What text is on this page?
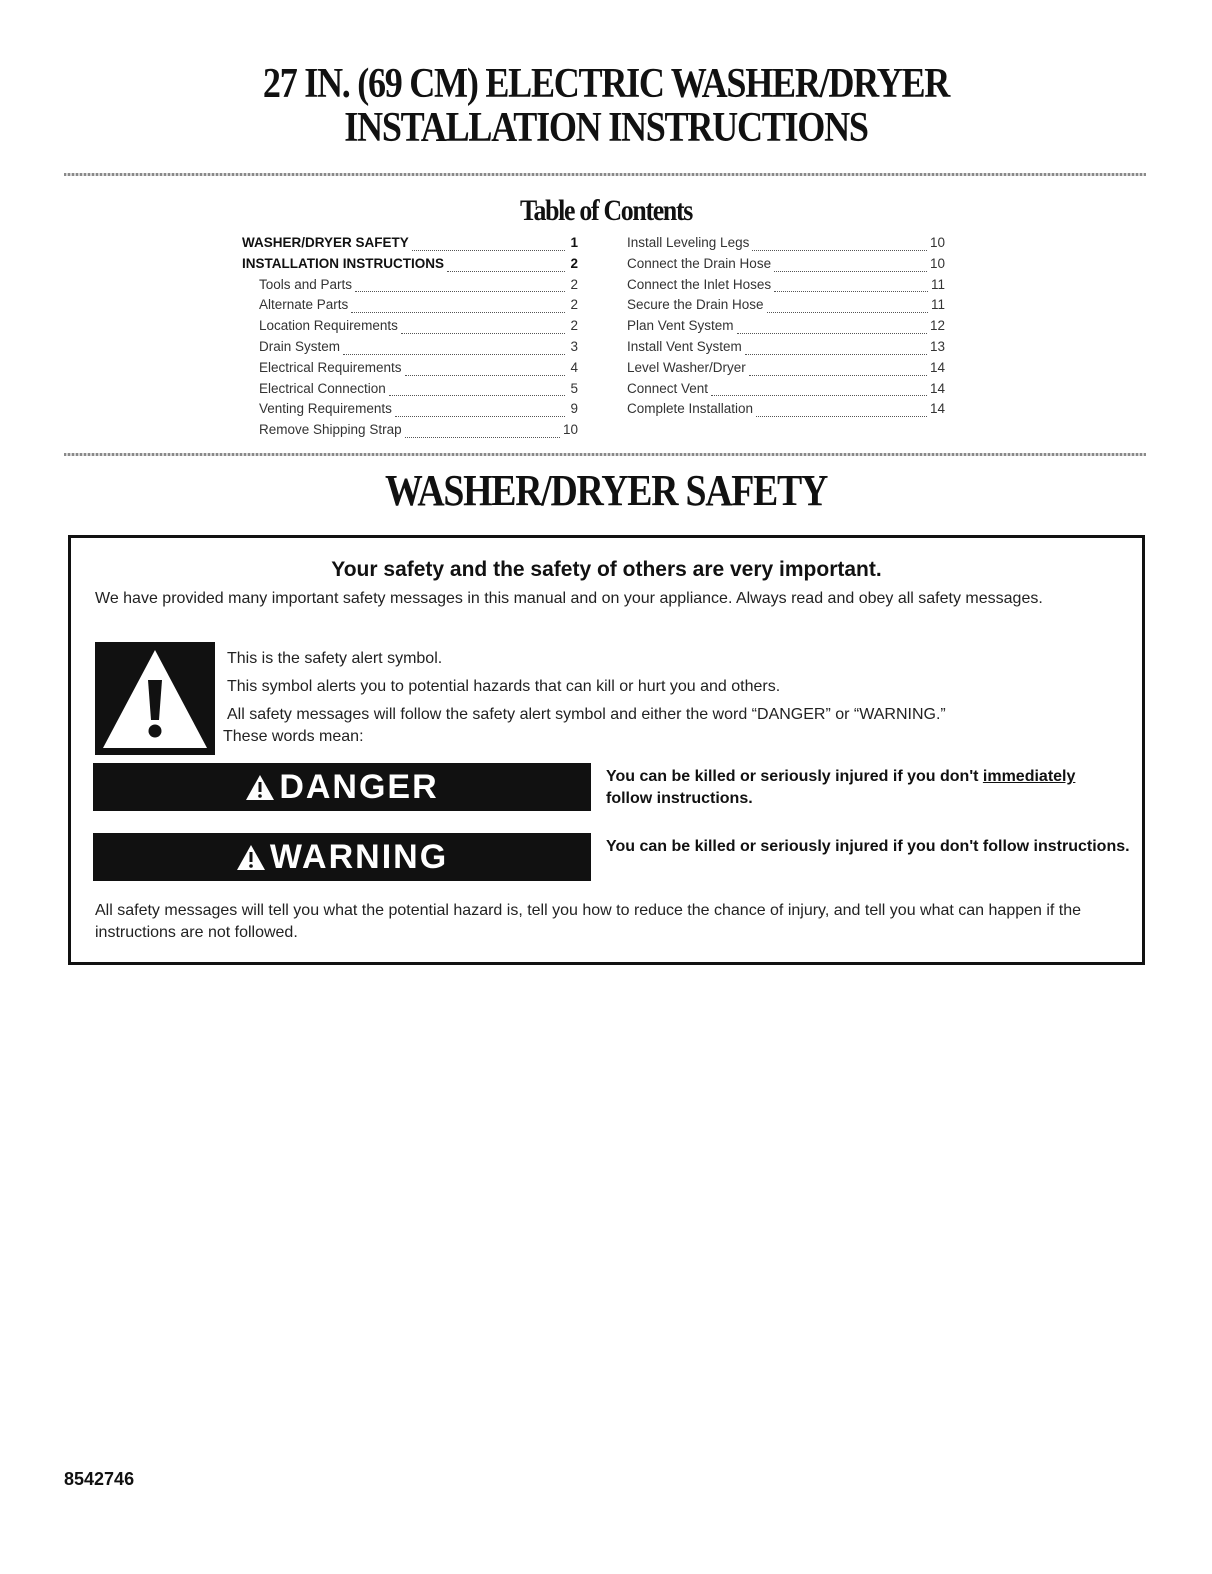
27 IN. (69 CM) ELECTRIC WASHER/DRYER
INSTALLATION INSTRUCTIONS
Table of Contents
WASHER/DRYER SAFETY	1
INSTALLATION INSTRUCTIONS	2
Tools and Parts	2
Alternate Parts	2
Location Requirements	2
Drain System	3
Electrical Requirements	4
Electrical Connection	5
Venting Requirements	9
Remove Shipping Strap	10
Install Leveling Legs	10
Connect the Drain Hose	10
Connect the Inlet Hoses	11
Secure the Drain Hose	11
Plan Vent System	12
Install Vent System	13
Level Washer/Dryer	14
Connect Vent	14
Complete Installation	14
WASHER/DRYER SAFETY
Your safety and the safety of others are very important.
We have provided many important safety messages in this manual and on your appliance. Always read and obey all safety messages.

This is the safety alert symbol.

This symbol alerts you to potential hazards that can kill or hurt you and others.

All safety messages will follow the safety alert symbol and either the word “DANGER” or “WARNING.”

These words mean:

DANGER	You can be killed or seriously injured if you don't immediately
follow instructions.
WARNING	You can be killed or seriously injured if you don't follow instructions.
All safety messages will tell you what the potential hazard is, tell you how to reduce the chance of injury, and tell you what can happen if the instructions are not followed.
8542746
